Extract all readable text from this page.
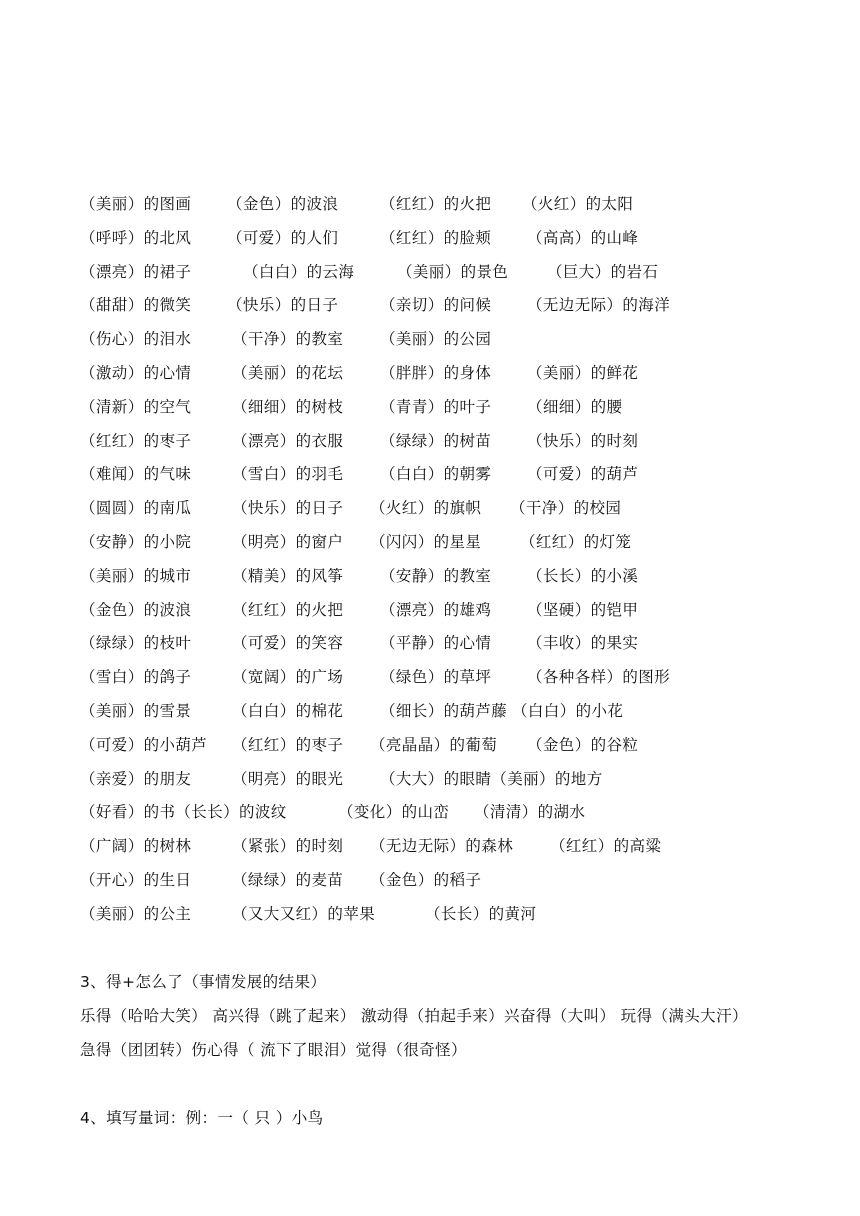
（美丽）的图画 （金色）的波浪	（红红）的火把 （火红）的太阳
（呼呼）的北风 （可爱）的人们	（红红）的脸颊 （高高）的山峰
（漂亮）的裙子	（白白）的云海	（美丽）的景色 （巨大）的岩石
（甜甜）的微笑 （快乐）的日子	（亲切）的问候 （无边无际）的海洋
（伤心）的泪水	（干净）的教室 （美丽）的公园
（激动）的心情	（美丽）的花坛 （胖胖）的身体 （美丽）的鲜花
（清新）的空气	（细细）的树枝 （青青）的叶子 （细细）的腰
（红红）的枣子	（漂亮）的衣服 （绿绿）的树苗 （快乐）的时刻
（难闻）的气味	（雪白）的羽毛 （白白）的朝雾 （可爱）的葫芦
（圆圆）的南瓜	（快乐）的日子 （火红）的旗帜 （干净）的校园
（安静）的小院	（明亮）的窗户 （闪闪）的星星 （红红）的灯笼
（美丽）的城市	（精美）的风筝 （安静）的教室 （长长）的小溪
（金色）的波浪	（红红）的火把 （漂亮）的雄鸡 （坚硬）的铠甲
（绿绿）的枝叶	（可爱）的笑容 （平静）的心情 （丰收）的果实
（雪白）的鸽子	（宽阔）的广场 （绿色）的草坪 （各种各样）的图形
（美丽）的雪景	（白白）的棉花 （细长）的葫芦藤 （白白）的小花
（可爱）的小葫芦 （红红）的枣子 （亮晶晶）的葡萄 （金色）的谷粒
（亲爱）的朋友	（明亮）的眼光 （大大）的眼睛（美丽）的地方
（好看）的书（长长）的波纹	（变化）的山峦 （清清）的湖水
（广阔）的树林	（紧张）的时刻 （无边无际）的森林 （红红）的高粱
（开心）的生日	（绿绿）的麦苗 （金色）的稻子
（美丽）的公主	（又大又红）的苹果	（长长）的黄河
3、得+怎么了（事情发展的结果）
乐得（哈哈大笑） 高兴得（跳了起来） 激动得（拍起手来）兴奋得（大叫） 玩得（满头大汗）
急得（团团转）伤心得（ 流下了眼泪）觉得（很奇怪）
4、填写量词：例：一（ 只 ）小鸟
